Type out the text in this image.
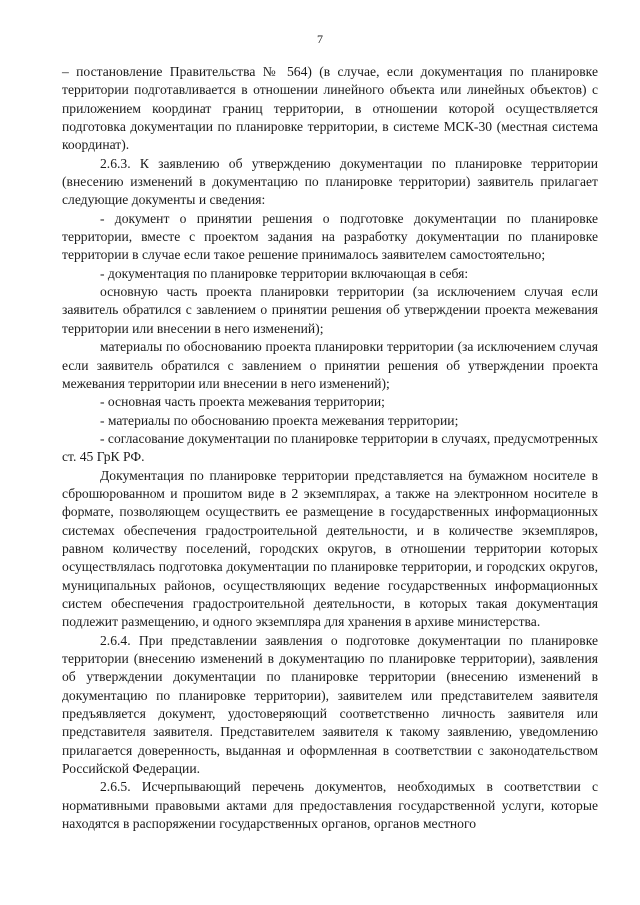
7

– постановление Правительства № 564) (в случае, если документация по планировке территории подготавливается в отношении линейного объекта или линейных объектов) с приложением координат границ территории, в отношении которой осуществляется подготовка документации по планировке территории, в системе МСК-30 (местная система координат).

2.6.3. К заявлению об утверждению документации по планировке территории (внесению изменений в документацию по планировке территории) заявитель прилагает следующие документы и сведения:

- документ о принятии решения о подготовке документации по планировке территории, вместе с проектом задания на разработку документации по планировке территории в случае если такое решение принималось заявителем самостоятельно;

- документация по планировке территории включающая в себя:

основную часть проекта планировки территории (за исключением случая если заявитель обратился с завлением о принятии решения об утверждении проекта межевания территории или внесении в него изменений);

материалы по обоснованию проекта планировки территории (за исключением случая если заявитель обратился с завлением о принятии решения об утверждении проекта межевания территории или внесении в него изменений);

- основная часть проекта межевания территории;

- материалы по обоснованию проекта межевания территории;

- согласование документации по планировке территории в случаях, предусмотренных ст. 45 ГрК РФ.

Документация по планировке территории представляется на бумажном носителе в сброшюрованном и прошитом виде в 2 экземплярах, а также на электронном носителе в формате, позволяющем осуществить ее размещение в государственных информационных системах обеспечения градостроительной деятельности, и в количестве экземпляров, равном количеству поселений, городских округов, в отношении территории которых осуществлялась подготовка документации по планировке территории, и городских округов, муниципальных районов, осуществляющих ведение государственных информационных систем обеспечения градостроительной деятельности, в которых такая документация подлежит размещению, и одного экземпляра для хранения в архиве министерства.

2.6.4. При представлении заявления о подготовке документации по планировке территории (внесению изменений в документацию по планировке территории), заявления об утверждении документации по планировке территории (внесению изменений в документацию по планировке территории), заявителем или представителем заявителя предъявляется документ, удостоверяющий соответственно личность заявителя или представителя заявителя. Представителем заявителя к такому заявлению, уведомлению прилагается доверенность, выданная и оформленная в соответствии с законодательством Российской Федерации.

2.6.5. Исчерпывающий перечень документов, необходимых в соответствии с нормативными правовыми актами для предоставления государственной услуги, которые находятся в распоряжении государственных органов, органов местного
